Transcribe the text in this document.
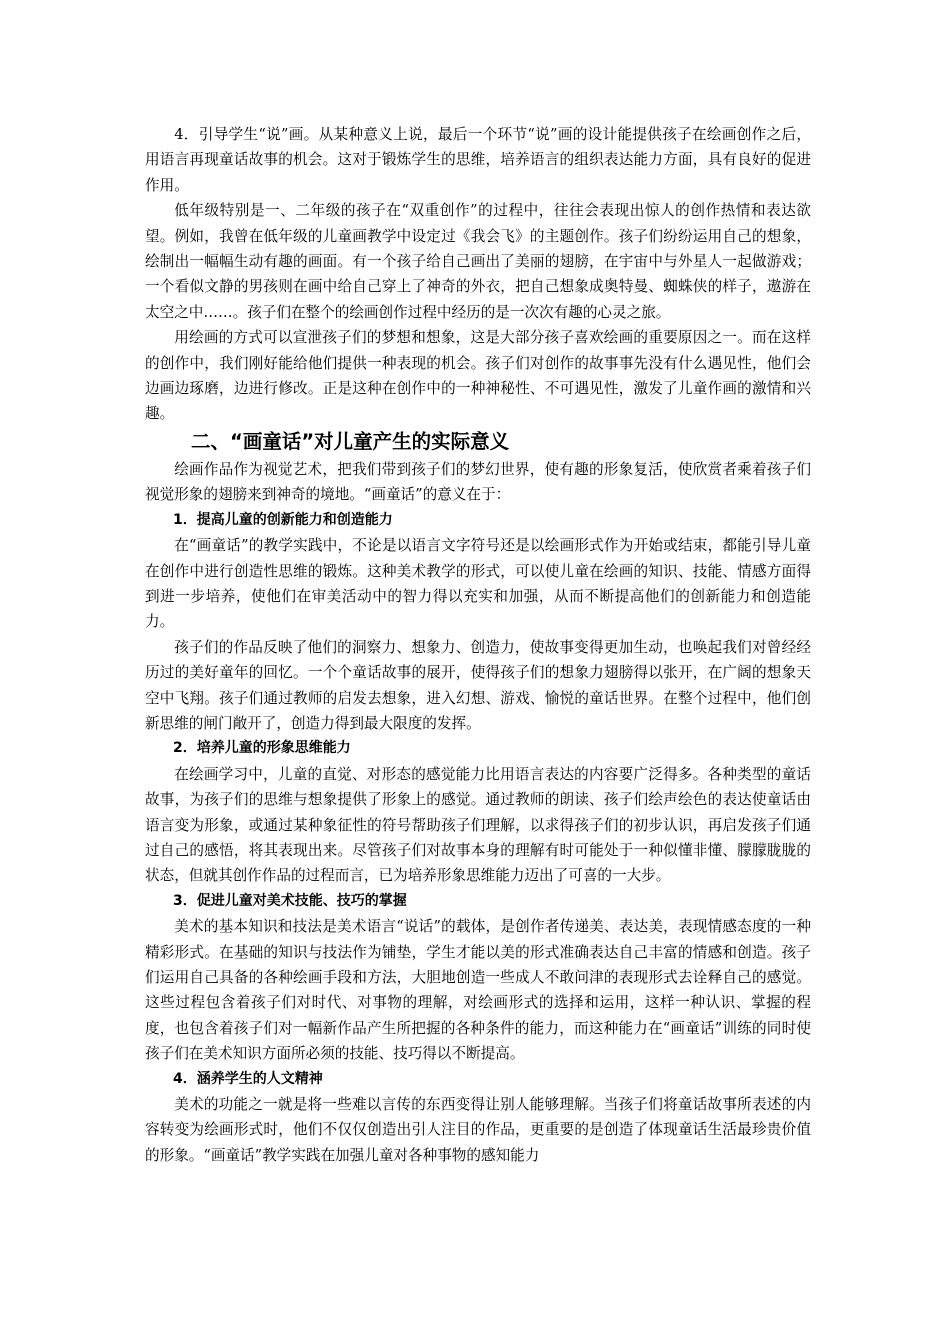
4．引导学生“说”画。从某种意义上说，最后一个环节“说”画的设计能提供孩子在绘画创作之后，用语言再现童话故事的机会。这对于锻炼学生的思维，培养语言的组织表达能力方面，具有良好的促进作用。

低年级特别是一、二年级的孩子在“双重创作”的过程中，往往会表现出惊人的创作热情和表达欲望。例如，我曾在低年级的儿童画教学中设定过《我会飞》的主题创作。孩子们纷纷运用自己的想象，绘制出一幅幅生动有趣的画面。有一个孩子给自己画出了美丽的翅膀，在宇宙中与外星人一起做游戏；一个看似文静的男孩则在画中给自己穿上了神奇的外衣，把自己想象成奥特曼、蜘蛛侠的样子，遨游在太空之中……。孩子们在整个的绘画创作过程中经历的是一次次有趣的心灵之旅。

用绘画的方式可以宣泄孩子们的梦想和想象，这是大部分孩子喜欢绘画的重要原因之一。而在这样的创作中，我们刚好能给他们提供一种表现的机会。孩子们对创作的故事事先没有什么遇见性，他们会边画边琢磨，边进行修改。正是这种在创作中的一种神秘性、不可遇见性，激发了儿童作画的激情和兴趣。

二、“画童话”对儿童产生的实际意义

绘画作品作为视觉艺术，把我们带到孩子们的梦幻世界，使有趣的形象复活，使欣赏者乘着孩子们视觉形象的翅膀来到神奇的境地。“画童话”的意义在于：

1．提高儿童的创新能力和创造能力

在“画童话”的教学实践中，不论是以语言文字符号还是以绘画形式作为开始或结束，都能引导儿童在创作中进行创造性思维的锻炼。这种美术教学的形式，可以使儿童在绘画的知识、技能、情感方面得到进一步培养，使他们在审美活动中的智力得以充实和加强，从而不断提高他们的创新能力和创造能力。

孩子们的作品反映了他们的洞察力、想象力、创造力，使故事变得更加生动，也唤起我们对曾经经历过的美好童年的回忆。一个个童话故事的展开，使得孩子们的想象力翅膀得以张开，在广阔的想象天空中飞翔。孩子们通过教师的启发去想象，进入幻想、游戏、愉悦的童话世界。在整个过程中，他们创新思维的闸门敞开了，创造力得到最大限度的发挥。

2．培养儿童的形象思维能力

在绘画学习中，儿童的直觉、对形态的感觉能力比用语言表达的内容要广泛得多。各种类型的童话故事，为孩子们的思维与想象提供了形象上的感觉。通过教师的朗读、孩子们绘声绘色的表达使童话由语言变为形象，或通过某种象征性的符号帮助孩子们理解，以求得孩子们的初步认识，再启发孩子们通过自己的感悟，将其表现出来。尽管孩子们对故事本身的理解有时可能处于一种似懂非懂、朦朦胧胧的状态，但就其创作作品的过程而言，已为培养形象思维能力迈出了可喜的一大步。

3．促进儿童对美术技能、技巧的掌握

美术的基本知识和技法是美术语言“说话”的载体，是创作者传递美、表达美，表现情感态度的一种精彩形式。在基础的知识与技法作为铺垫，学生才能以美的形式准确表达自己丰富的情感和创造。孩子们运用自己具备的各种绘画手段和方法，大胆地创造一些成人不敢问津的表现形式去诠释自己的感觉。这些过程包含着孩子们对时代、对事物的理解，对绘画形式的选择和运用，这样一种认识、掌握的程度，也包含着孩子们对一幅新作品产生所把握的各种条件的能力，而这种能力在“画童话”训练的同时使孩子们在美术知识方面所必须的技能、技巧得以不断提高。

4．涵养学生的人文精神

美术的功能之一就是将一些难以言传的东西变得让别人能够理解。当孩子们将童话故事所表述的内容转变为绘画形式时，他们不仅仅创造出引人注目的作品，更重要的是创造了体现童话生活最珍贵价值的形象。“画童话”教学实践在加强儿童对各种事物的感知能力
